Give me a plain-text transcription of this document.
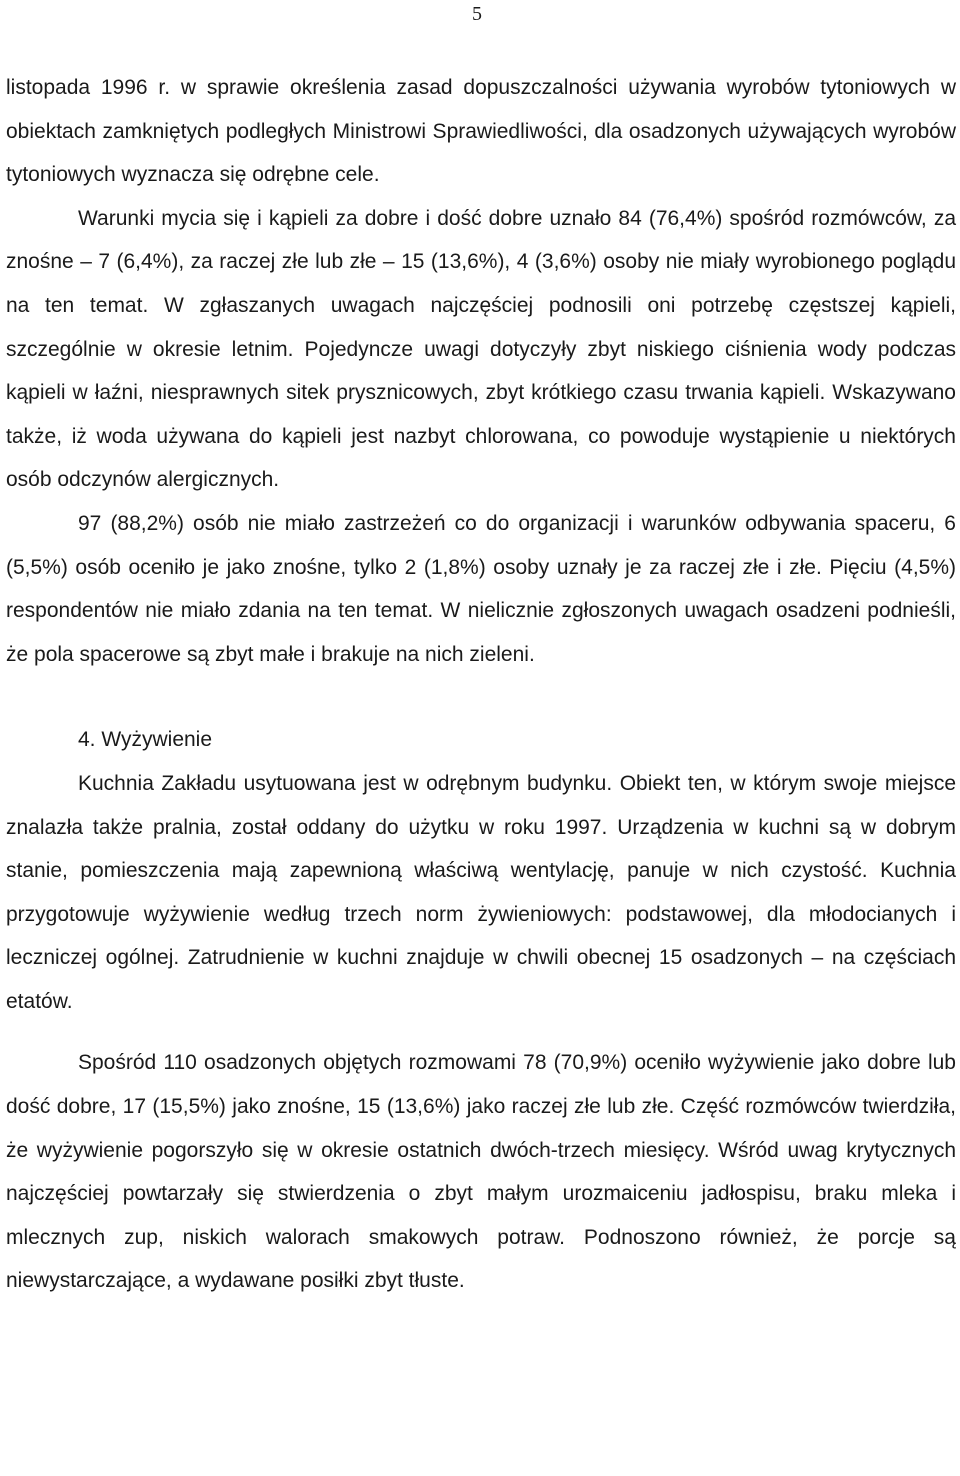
5

listopada 1996 r. w sprawie określenia zasad dopuszczalności używania wyrobów tytoniowych w obiektach zamkniętych podległych Ministrowi Sprawiedliwości, dla osadzonych używających wyrobów tytoniowych wyznacza się odrębne cele.

Warunki mycia się i kąpieli za dobre i dość dobre uznało 84 (76,4%) spośród rozmówców, za znośne – 7 (6,4%), za raczej złe lub złe – 15 (13,6%), 4 (3,6%) osoby nie miały wyrobionego poglądu na ten temat. W zgłaszanych uwagach najczęściej podnosili oni potrzebę częstszej kąpieli, szczególnie w okresie letnim. Pojedyncze uwagi dotyczyły zbyt niskiego ciśnienia wody podczas kąpieli w łaźni, niesprawnych sitek prysznicowych, zbyt krótkiego czasu trwania kąpieli. Wskazywano także, iż woda używana do kąpieli jest nazbyt chlorowana, co powoduje wystąpienie u niektórych osób odczynów alergicznych.

97 (88,2%) osób nie miało zastrzeżeń co do organizacji i warunków odbywania spaceru, 6 (5,5%) osób oceniło je jako znośne, tylko 2 (1,8%) osoby uznały je za raczej złe i złe. Pięciu (4,5%) respondentów nie miało zdania na ten temat. W nielicznie zgłoszonych uwagach osadzeni podnieśli, że pola spacerowe są zbyt małe i brakuje na nich zieleni.

4. Wyżywienie

Kuchnia Zakładu usytuowana jest w odrębnym budynku. Obiekt ten, w którym swoje miejsce znalazła także pralnia, został oddany do użytku w roku 1997. Urządzenia w kuchni są w dobrym stanie, pomieszczenia mają zapewnioną właściwą wentylację, panuje w nich czystość. Kuchnia przygotowuje wyżywienie według trzech norm żywieniowych: podstawowej, dla młodocianych i leczniczej ogólnej. Zatrudnienie w kuchni znajduje w chwili obecnej 15 osadzonych – na częściach etatów.

Spośród 110 osadzonych objętych rozmowami 78 (70,9%) oceniło wyżywienie jako dobre lub dość dobre, 17 (15,5%) jako znośne, 15 (13,6%) jako raczej złe lub złe. Część rozmówców twierdziła, że wyżywienie pogorszyło się w okresie ostatnich dwóch-trzech miesięcy. Wśród uwag krytycznych najczęściej powtarzały się stwierdzenia o zbyt małym urozmaiceniu jadłospisu, braku mleka i mlecznych zup, niskich walorach smakowych potraw. Podnoszono również, że porcje są niewystarczające, a wydawane posiłki zbyt tłuste.
